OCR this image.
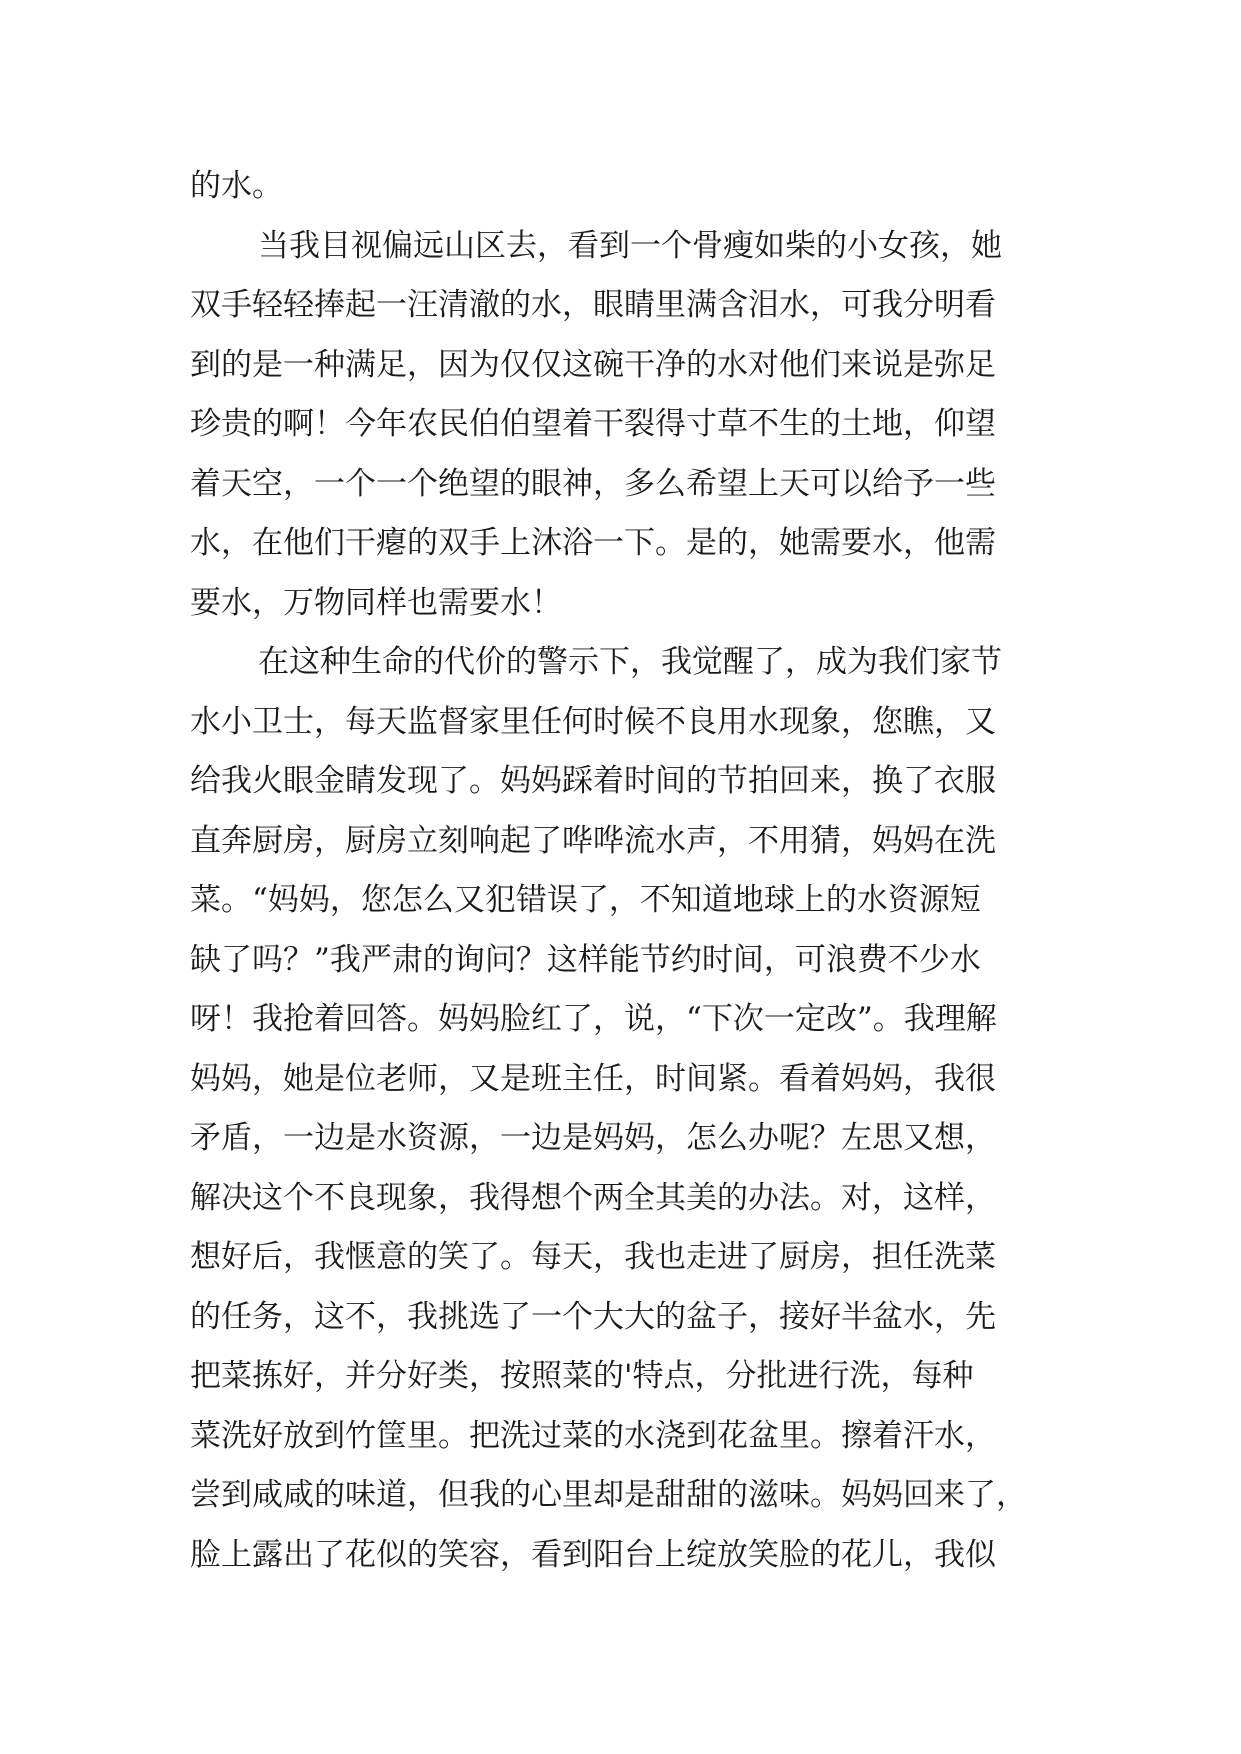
的水。
当我目视偏远山区去，看到一个骨瘦如柴的小女孩，她
双手轻轻捧起一汪清澈的水，眼睛里满含泪水，可我分明看
到的是一种满足，因为仅仅这碗干净的水对他们来说是弥足
珍贵的啊！今年农民伯伯望着干裂得寸草不生的土地，仰望
着天空，一个一个绝望的眼神，多么希望上天可以给予一些
水，在他们干瘪的双手上沐浴一下。是的，她需要水，他需
要水，万物同样也需要水！
在这种生命的代价的警示下，我觉醒了，成为我们家节
水小卫士，每天监督家里任何时候不良用水现象，您瞧，又
给我火眼金睛发现了。妈妈踩着时间的节拍回来，换了衣服
直奔厨房，厨房立刻响起了哗哗流水声，不用猜，妈妈在洗
菜。“妈妈，您怎么又犯错误了，不知道地球上的水资源短
缺了吗？”我严肃的询问？这样能节约时间，可浪费不少水
呀！我抢着回答。妈妈脸红了，说，“下次一定改”。我理解
妈妈，她是位老师，又是班主任，时间紧。看着妈妈，我很
矛盾，一边是水资源，一边是妈妈，怎么办呢？左思又想，
解决这个不良现象，我得想个两全其美的办法。对，这样，
想好后，我惬意的笑了。每天，我也走进了厨房，担任洗菜
的任务，这不，我挑选了一个大大的盆子，接好半盆水，先
把菜拣好，并分好类，按照菜的'特点，分批进行洗，每种
菜洗好放到竹筐里。把洗过菜的水浇到花盆里。擦着汗水，
尝到咸咸的味道，但我的心里却是甜甜的滋味。妈妈回来了，
脸上露出了花似的笑容，看到阳台上绽放笑脸的花儿，我似
